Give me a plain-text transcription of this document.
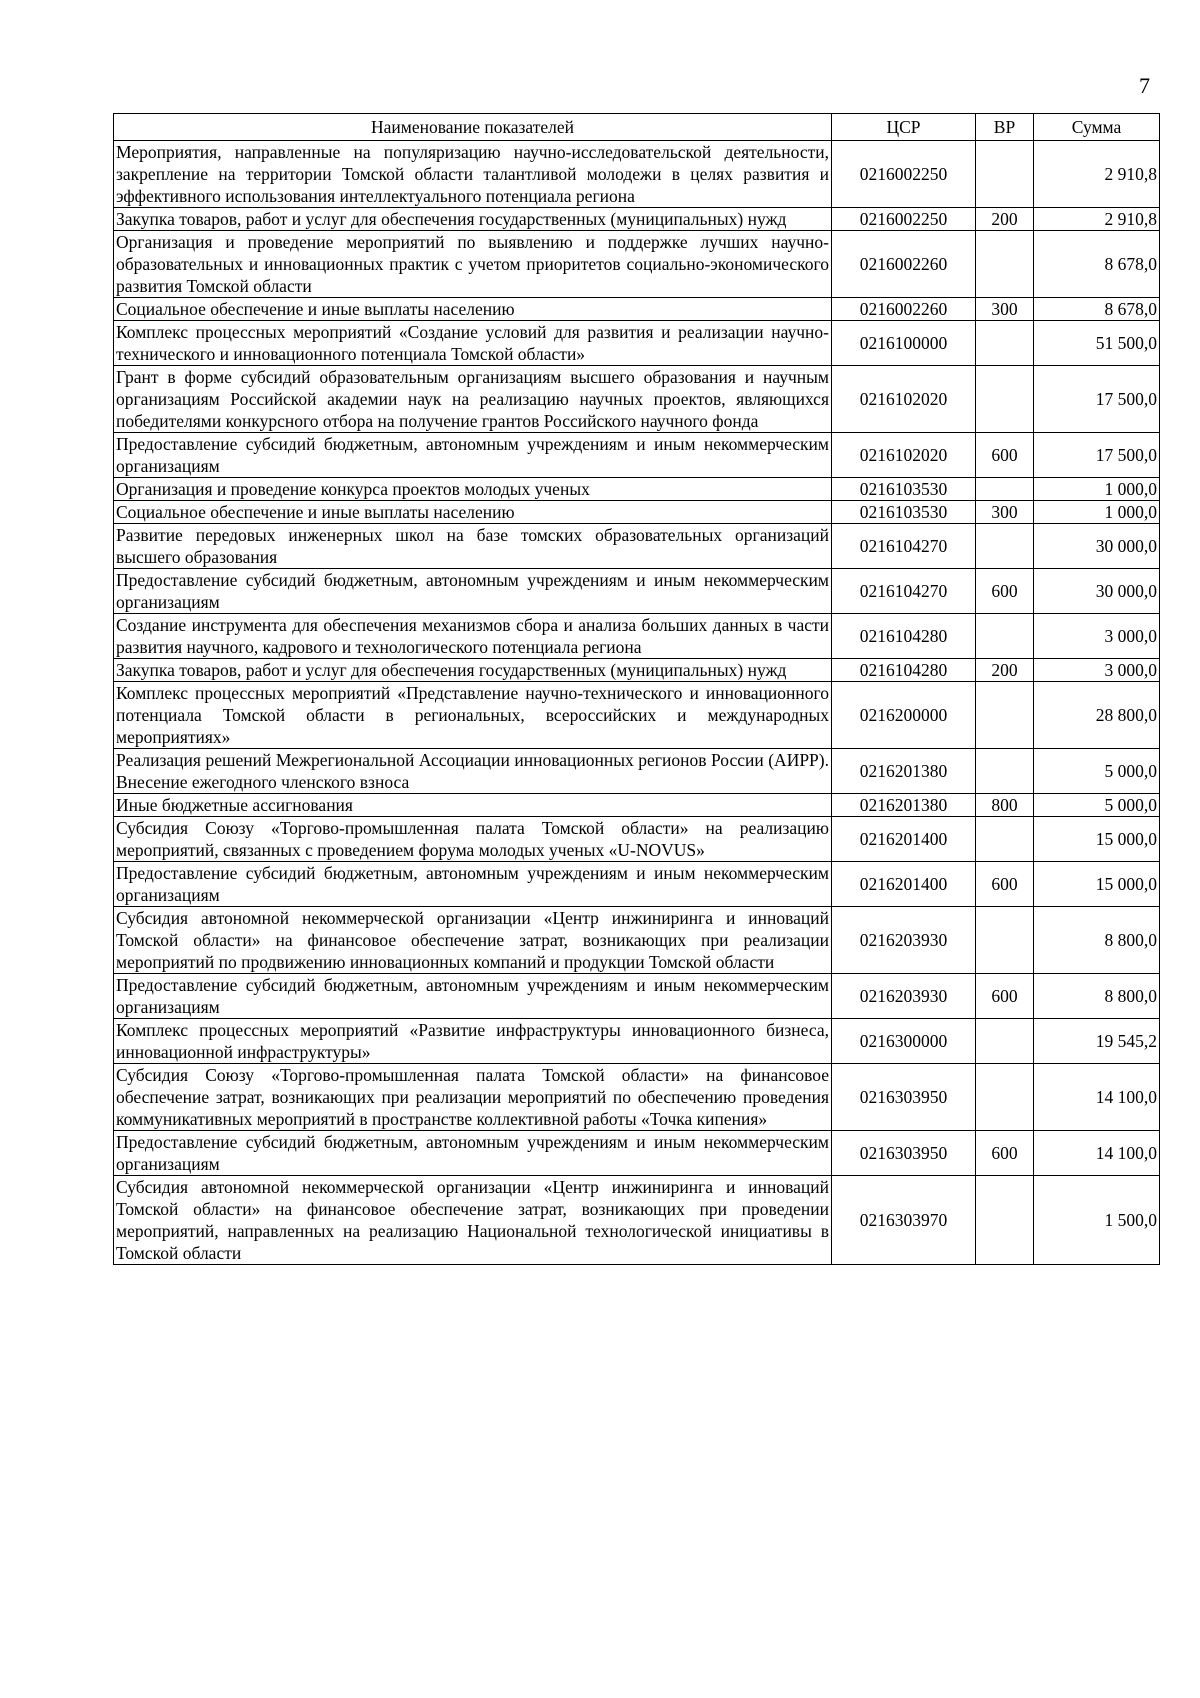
7
Наименование показателей	ЦСР	ВР	Сумма
Мероприятия, направленные на популяризацию научно-исследовательской деятельности, закрепление на территории Томской области талантливой молодежи в целях развития и эффективного использования интеллектуального потенциала региона	0216002250		2 910,8
Закупка товаров, работ и услуг для обеспечения государственных (муниципальных) нужд	0216002250	200	2 910,8
Организация и проведение мероприятий по выявлению и поддержке лучших научно-образовательных и инновационных практик с учетом приоритетов социально-экономического развития Томской области	0216002260		8 678,0
Социальное обеспечение и иные выплаты населению	0216002260	300	8 678,0
Комплекс процессных мероприятий «Создание условий для развития и реализации научно-технического и инновационного потенциала Томской области»	0216100000		51 500,0
Грант в форме субсидий образовательным организациям высшего образования и научным организациям Российской академии наук на реализацию научных проектов, являющихся победителями конкурсного отбора на получение грантов Российского научного фонда	0216102020		17 500,0
Предоставление субсидий бюджетным, автономным учреждениям и иным некоммерческим организациям	0216102020	600	17 500,0
Организация и проведение конкурса проектов молодых ученых	0216103530		1 000,0
Социальное обеспечение и иные выплаты населению	0216103530	300	1 000,0
Развитие передовых инженерных школ на базе томских образовательных организаций высшего образования	0216104270		30 000,0
Предоставление субсидий бюджетным, автономным учреждениям и иным некоммерческим организациям	0216104270	600	30 000,0
Создание инструмента для обеспечения механизмов сбора и анализа больших данных в части развития научного, кадрового и технологического потенциала региона	0216104280		3 000,0
Закупка товаров, работ и услуг для обеспечения государственных (муниципальных) нужд	0216104280	200	3 000,0
Комплекс процессных мероприятий «Представление научно-технического и инновационного потенциала Томской области в региональных, всероссийских и международных мероприятиях»	0216200000		28 800,0
Реализация решений Межрегиональной Ассоциации инновационных регионов России (АИРР). Внесение ежегодного членского взноса	0216201380		5 000,0
Иные бюджетные ассигнования	0216201380	800	5 000,0
Субсидия Союзу «Торгово-промышленная палата Томской области» на реализацию мероприятий, связанных с проведением форума молодых ученых «U-NOVUS»	0216201400		15 000,0
Предоставление субсидий бюджетным, автономным учреждениям и иным некоммерческим организациям	0216201400	600	15 000,0
Субсидия автономной некоммерческой организации «Центр инжиниринга и инноваций Томской области» на финансовое обеспечение затрат, возникающих при реализации мероприятий по продвижению инновационных компаний и продукции Томской области	0216203930		8 800,0
Предоставление субсидий бюджетным, автономным учреждениям и иным некоммерческим организациям	0216203930	600	8 800,0
Комплекс процессных мероприятий «Развитие инфраструктуры инновационного бизнеса, инновационной инфраструктуры»	0216300000		19 545,2
Субсидия Союзу «Торгово-промышленная палата Томской области» на финансовое обеспечение затрат, возникающих при реализации мероприятий по обеспечению проведения коммуникативных мероприятий в пространстве коллективной работы «Точка кипения»	0216303950		14 100,0
Предоставление субсидий бюджетным, автономным учреждениям и иным некоммерческим организациям	0216303950	600	14 100,0
Субсидия автономной некоммерческой организации «Центр инжиниринга и инноваций Томской области» на финансовое обеспечение затрат, возникающих при проведении мероприятий, направленных на реализацию Национальной технологической инициативы в Томской области	0216303970		1 500,0
